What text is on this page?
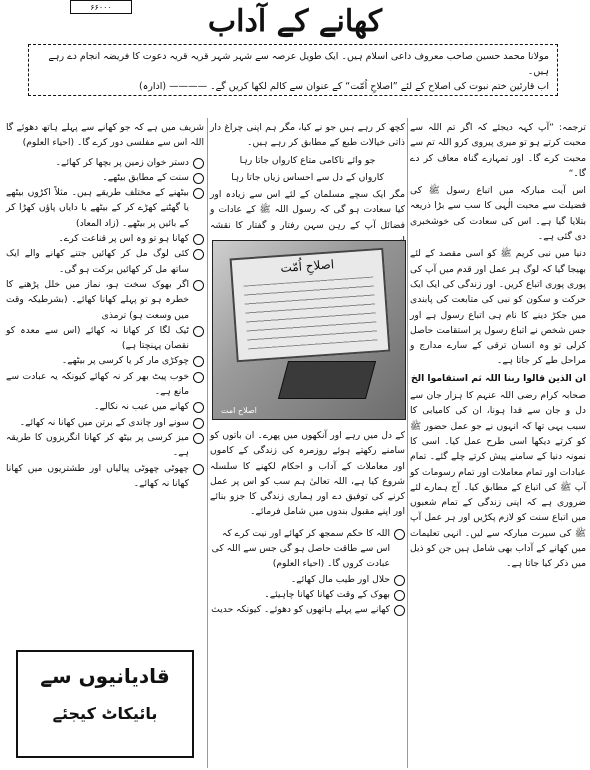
۶۶۰۰۰	کھانے کے آداب
مولانا محمد حسین صاحب معروف داعی اسلام ہیں۔ ایک طویل عرصہ سے شہر شہر قریہ قریہ دعوت کا فریضہ انجام دے رہے ہیں۔
اب قارئین ختم نبوت کی اصلاح کے لئے ”اصلاحِ اُمّت“ کے عنوان سے کالم لکھا کریں گے۔ ———— (ادارہ)

ترجمہ: ”آپ کہہ دیجئے کہ اگر تم اللہ سے محبت کرتے ہو تو میری پیروی کرو اللہ تم سے محبت کرے گا۔ اور تمہارے گناہ معاف کر دے گا۔“

اس آیت مبارکہ میں اتباع رسول ﷺ کی فضیلت سے محبت الٰہی کا سب سے بڑا ذریعہ بتلایا گیا ہے۔ اس کی سعادت کی خوشخبری دی گئی ہے۔

دنیا میں نبی کریم ﷺ کو اسی مقصد کے لئے بھیجا گیا کہ لوگ ہر عمل اور قدم میں آپ کی پوری پوری اتباع کریں۔ اور زندگی کی ایک ایک حرکت و سکون کو نبی کی متابعت کی پابندی میں جکڑ دینے کا نام ہی اتباع رسول ہے اور جس شخص نے اتباع رسول پر استقامت حاصل کرلی تو وہ انسان ترقی کے سارے مدارج و مراحل طے کر جاتا ہے۔

ان الذین قالوا ربنا اللہ ثم استقاموا الخ

صحابہ کرام رضی اللہ عنہم کا ہزار جان سے دل و جان سے فدا ہونا، ان کی کامیابی کا سبب یہی تھا کہ انہوں نے جو عمل حضور ﷺ کو کرتے دیکھا اسی طرح عمل کیا۔ اسی کا نمونہ دنیا کے سامنے پیش کرتے چلے گئے۔ تمام عبادات اور تمام معاملات اور تمام رسومات کو آپ ﷺ کی اتباع کے مطابق کیا۔ آج ہمارے لئے ضروری ہے کہ اپنی زندگی کے تمام شعبوں میں اتباع سنت کو لازم پکڑیں اور ہر عمل آپ ﷺ کی سیرت مبارکہ سے لیں۔ انہی تعلیمات میں کھانے کے آداب بھی شامل ہیں جن کو ذیل میں ذکر کیا جاتا ہے۔

کچھ کر رہے ہیں جو نے کیا، مگر ہم اپنی چراغ دار ذاتی خیالات طبع کے مطابق کر رہے ہیں۔

جو وائے ناکامی متاع کارواں جاتا رہا

کارواں کے دل سے احساس زیاں جاتا رہا

مگر ایک سچے مسلمان کے لئے اس سے زیادہ اور کیا سعادت ہو گی کہ رسول اللہ ﷺ کے عادات و فضائل آپ کے رہن سہن رفتار و گفتار کا نقشہ

اصلاحِ اُمّت
اصلاح امت

کے دل میں رہے اور آنکھوں میں پھرے۔ ان باتوں کو سامنے رکھتے ہوئے روزمرہ کی زندگی کے کاموں اور معاملات کے آداب و احکام لکھنے کا سلسلہ شروع کیا ہے، اللہ تعالیٰ ہم سب کو اس پر عمل کرنے کی توفیق دے اور ہماری زندگی کا جزو بنائے اور اپنے مقبول بندوں میں شامل فرمائے۔

اللہ کا حکم سمجھ کر کھائے اور نیت کرے کہ اس سے طاقت حاصل ہو گی جس سے اللہ کی عبادت کروں گا۔ (احیاء العلوم)
حلال اور طیب مال کھائے۔
بھوک کے وقت کھانا کھانا چاہیئے۔
کھانے سے پہلے ہاتھوں کو دھوئے۔ کیونکہ حدیث

شریف میں ہے کہ جو کھانے سے پہلے ہاتھ دھوئے گا اللہ اس سے مفلسی دور کرے گا۔ (احیاء العلوم)

دستر خوان زمین پر بچھا کر کھائے۔
سنت کے مطابق بیٹھے۔
بیٹھنے کے مختلف طریقے ہیں۔ مثلاً اکڑوں بیٹھے یا گھٹنے کھڑے کر کے بیٹھے یا دایاں پاؤں کھڑا کر کے بائیں پر بیٹھے۔ (زاد المعاد)
کھانا ہو تو وہ اس پر قناعت کرے۔
کئی لوگ مل کر کھائیں جتنے کھانے والے ایک ساتھ مل کر کھائیں برکت ہو گی۔
اگر بھوک سخت ہو، نماز میں خلل پڑھنے کا خطرہ ہو تو پہلے کھانا کھائے۔ (بشرطیکہ وقت میں وسعت ہو) ترمذی
ٹیک لگا کر کھانا نہ کھائے (اس سے معدہ کو نقصان پہنچتا ہے)
چوکڑی مار کر یا کرسی پر بیٹھے۔
خوب پیٹ بھر کر نہ کھائے کیونکہ یہ عبادت سے مانع ہے۔
کھانے میں عیب نہ نکالے۔
سونے اور چاندی کے برتن میں کھانا نہ کھائے۔
میز کرسی پر بیٹھ کر کھانا انگریزوں کا طریقہ ہے۔
چھوٹی چھوٹی پیالیاں اور طشتریوں میں کھانا کھانا نہ کھائے۔
قادیانیوں سے
بائیکاٹ کیجئے
